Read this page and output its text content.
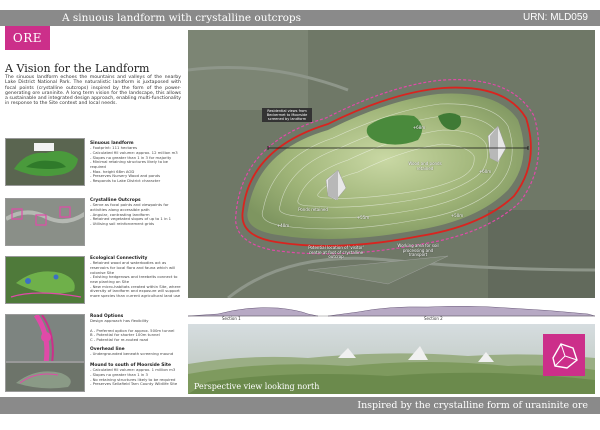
A sinuous landform with crystalline outcrops	URN: MLD059
ORE
A Vision for the Landform
The sinuous landform echoes the mountains and valleys of the nearby Lake District National Park. The naturalistic landform is juxtaposed with focal points (crystalline outcrops) inspired by the form of the power-generating ore uraninite. A long term vision for the landscape, this allows a sustainable and integrated design approach, enabling multi-functionality in response to the Site context and local needs.
Sinuous landform
- Footprint: 111 hectares
- Calculated fill volume: approx. 12 million m3
- Slopes no greater than 1 in 3 for majority
- Minimal retaining structures likely to be required
- Max. height 68m AOD
- Preserves Nursery Wood and ponds
- Responds to Lake District character
Crystalline Outcrops
- Serve as focal points and viewpoints for activities along accessible path
- Angular, contrasting landform
- Retained vegetated slopes of up to 1 in 1
- Utilising soil reinforcement grids
Ecological Connectivity
- Retained wood and waterbodies act as reservoirs for local flora and fauna which will colonise Site
- Existing hedgerows and treebelts connect to new planting on Site
- New micro-habitats created within Site, where diversity of landform and exposure will support more species than current agricultural land use
Road Options
Design approach has flexibility

A - Preferred option for approx. 500m tunnel
B - Potential for shorter 100m tunnel
C - Potential for re-routed road
Overhead line
- Undergrounded beneath screening mound
Mound to south of Moorside Site
- Calculated fill volume: approx. 1 million m3
- Slopes no greater than 1 in 3
- No retaining structures likely to be required
- Preserves Sellafield Tarn County Wildlife Site
Residential views from Beckermet to Moorside screened by landform
Wood and ponds retained
Ponds retained
Potential location of 'visitor' centre at foot of crystalline outcrop
Working area for soil processing and transport
+68m
+60m
+55m	+50m
+40m
Section 1	Section 2
Perspective view looking north
Inspired by the crystalline form of uraninite ore
